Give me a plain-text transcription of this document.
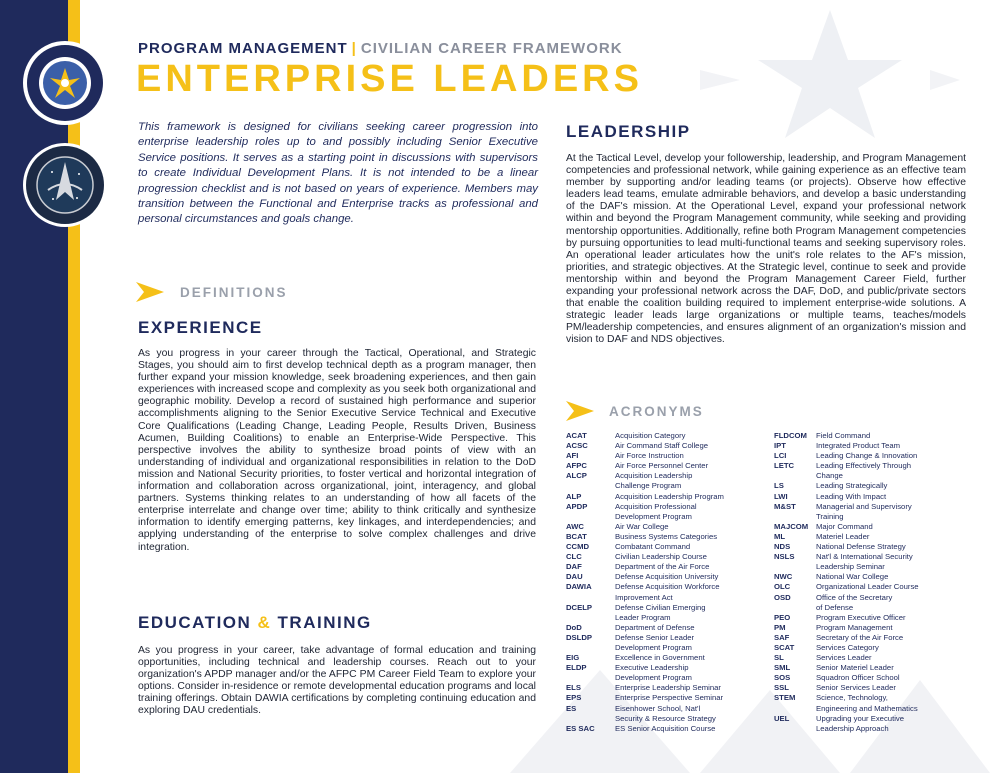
PROGRAM MANAGEMENT | CIVILIAN CAREER FRAMEWORK
ENTERPRISE LEADERS
This framework is designed for civilians seeking career progression into enterprise leadership roles up to and possibly including Senior Executive Service positions. It serves as a starting point in discussions with supervisors to create Individual Development Plans. It is not intended to be a linear progression checklist and is not based on years of experience. Members may transition between the Functional and Enterprise tracks as professional and personal circumstances and goals change.
DEFINITIONS
EXPERIENCE
As you progress in your career through the Tactical, Operational, and Strategic Stages, you should aim to first develop technical depth as a program manager, then further expand your mission knowledge, seek broadening experiences, and then gain experiences with increased scope and complexity as you seek both organizational and geographic mobility. Develop a record of sustained high performance and superior accomplishments aligning to the Senior Executive Service Technical and Executive Core Qualifications (Leading Change, Leading People, Results Driven, Business Acumen, Building Coalitions) to enable an Enterprise-Wide Perspective. This perspective involves the ability to synthesize broad points of view with an understanding of individual and organizational responsibilities in relation to the DoD mission and National Security priorities, to foster vertical and horizontal integration of information and collaboration across organizational, joint, interagency, and global partners. Systems thinking relates to an understanding of how all facets of the enterprise interrelate and change over time; ability to think critically and synthesize information to identify emerging patterns, key linkages, and interdependencies; and applying understanding of the enterprise to solve complex challenges and drive integration.
EDUCATION & TRAINING
As you progress in your career, take advantage of formal education and training opportunities, including technical and leadership courses. Reach out to your organization's APDP manager and/or the AFPC PM Career Field Team to explore your options. Consider in-residence or remote developmental education programs and local training offerings. Obtain DAWIA certifications by completing continuing education and exploring DAU credentials.
LEADERSHIP
At the Tactical Level, develop your followership, leadership, and Program Management competencies and professional network, while gaining experience as an effective team member by supporting and/or leading teams (or projects). Observe how effective leaders lead teams, emulate admirable behaviors, and develop a basic understanding of the DAF's mission. At the Operational Level, expand your professional network within and beyond the Program Management community, while seeking and providing mentorship opportunities. Additionally, refine both Program Management competencies by pursuing opportunities to lead multi-functional teams and seeking supervisory roles. An operational leader articulates how the unit's role relates to the AF's mission, priorities, and strategic objectives. At the Strategic level, continue to seek and provide mentorship within and beyond the Program Management Career Field, further expanding your professional network across the DAF, DoD, and public/private sectors that enable the coalition building required to implement enterprise-wide solutions. A strategic leader leads large organizations or multiple teams, teaches/models PM/leadership competencies, and ensures alignment of an organization's mission and vision to DAF and NDS objectives.
ACRONYMS
ACAT	Acquisition Category
ACSC	Air Command Staff College
AFI	Air Force Instruction
AFPC	Air Force Personnel Center
ALCP	Acquisition Leadership
Challenge Program
ALP	Acquisition Leadership Program
APDP	Acquisition Professional
Development Program
AWC	Air War College
BCAT	Business Systems Categories
CCMD	Combatant Command
CLC	Civilian Leadership Course
DAF	Department of the Air Force
DAU	Defense Acquisition University
DAWIA	Defense Acquisition Workforce
Improvement Act
DCELP	Defense Civilian Emerging
Leader Program
DoD	Department of Defense
DSLDP	Defense Senior Leader
Development Program
EIG	Excellence in Government
ELDP	Executive Leadership
Development Program
ELS	Enterprise Leadership Seminar
EPS	Enterprise Perspective Seminar
ES	Eisenhower School, Nat'l
Security & Resource Strategy
ES SAC	ES Senior Acquisition Course
FLDCOM	Field Command
IPT	Integrated Product Team
LCI	Leading Change & Innovation
LETC	Leading Effectively Through
Change
LS	Leading Strategically
LWI	Leading With Impact
M&ST	Managerial and Supervisory
Training
MAJCOM	Major Command
ML	Materiel Leader
NDS	National Defense Strategy
NSLS	Nat'l & International Security
Leadership Seminar
NWC	National War College
OLC	Organizational Leader Course
OSD	Office of the Secretary
of Defense
PEO	Program Executive Officer
PM	Program Management
SAF	Secretary of the Air Force
SCAT	Services Category
SL	Services Leader
SML	Senior Materiel Leader
SOS	Squadron Officer School
SSL	Senior Services Leader
STEM	Science, Technology,
Engineering and Mathematics
UEL	Upgrading your Executive
Leadership Approach
